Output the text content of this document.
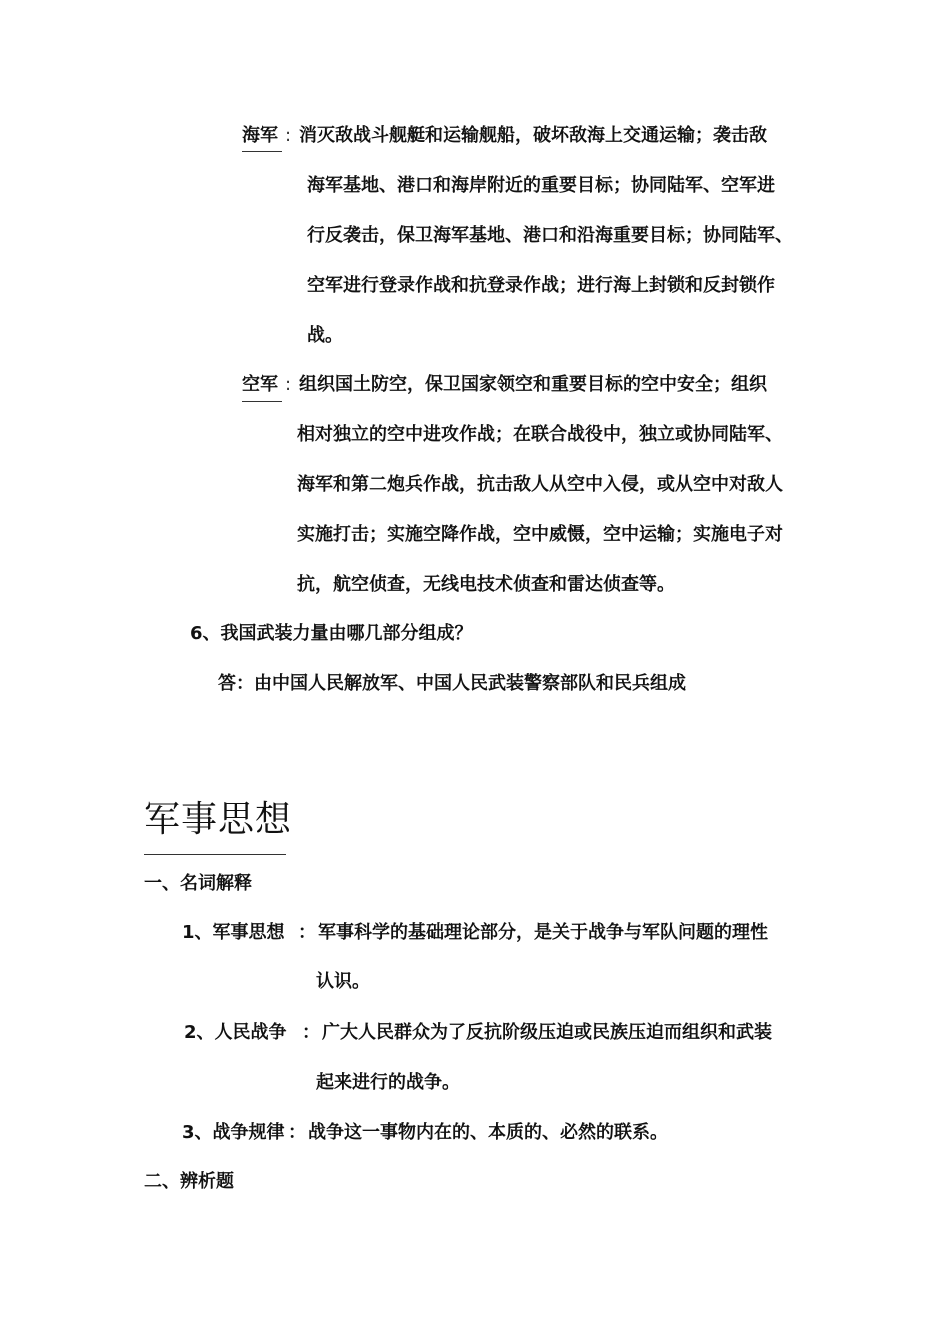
海军 : 消灭敌战斗舰艇和运输舰船，破坏敌海上交通运输；袭击敌
海军基地、港口和海岸附近的重要目标；协同陆军、空军进
行反袭击，保卫海军基地、港口和沿海重要目标；协同陆军、
空军进行登录作战和抗登录作战；进行海上封锁和反封锁作
战。
空军 : 组织国土防空，保卫国家领空和重要目标的空中安全；组织
相对独立的空中进攻作战；在联合战役中，独立或协同陆军、
海军和第二炮兵作战，抗击敌人从空中入侵，或从空中对敌人
实施打击；实施空降作战，空中威慑，空中运输；实施电子对
抗，航空侦查，无线电技术侦查和雷达侦查等。
6、我国武装力量由哪几部分组成？
答：由中国人民解放军、中国人民武装警察部队和民兵组成
军事思想
一、名词解释
1、军事思想 ： 军事科学的基础理论部分，是关于战争与军队问题的理性
认识。
2、人民战争 ： 广大人民群众为了反抗阶级压迫或民族压迫而组织和武装
起来进行的战争。
3、战争规律 ： 战争这一事物内在的、本质的、必然的联系。
二、辨析题
